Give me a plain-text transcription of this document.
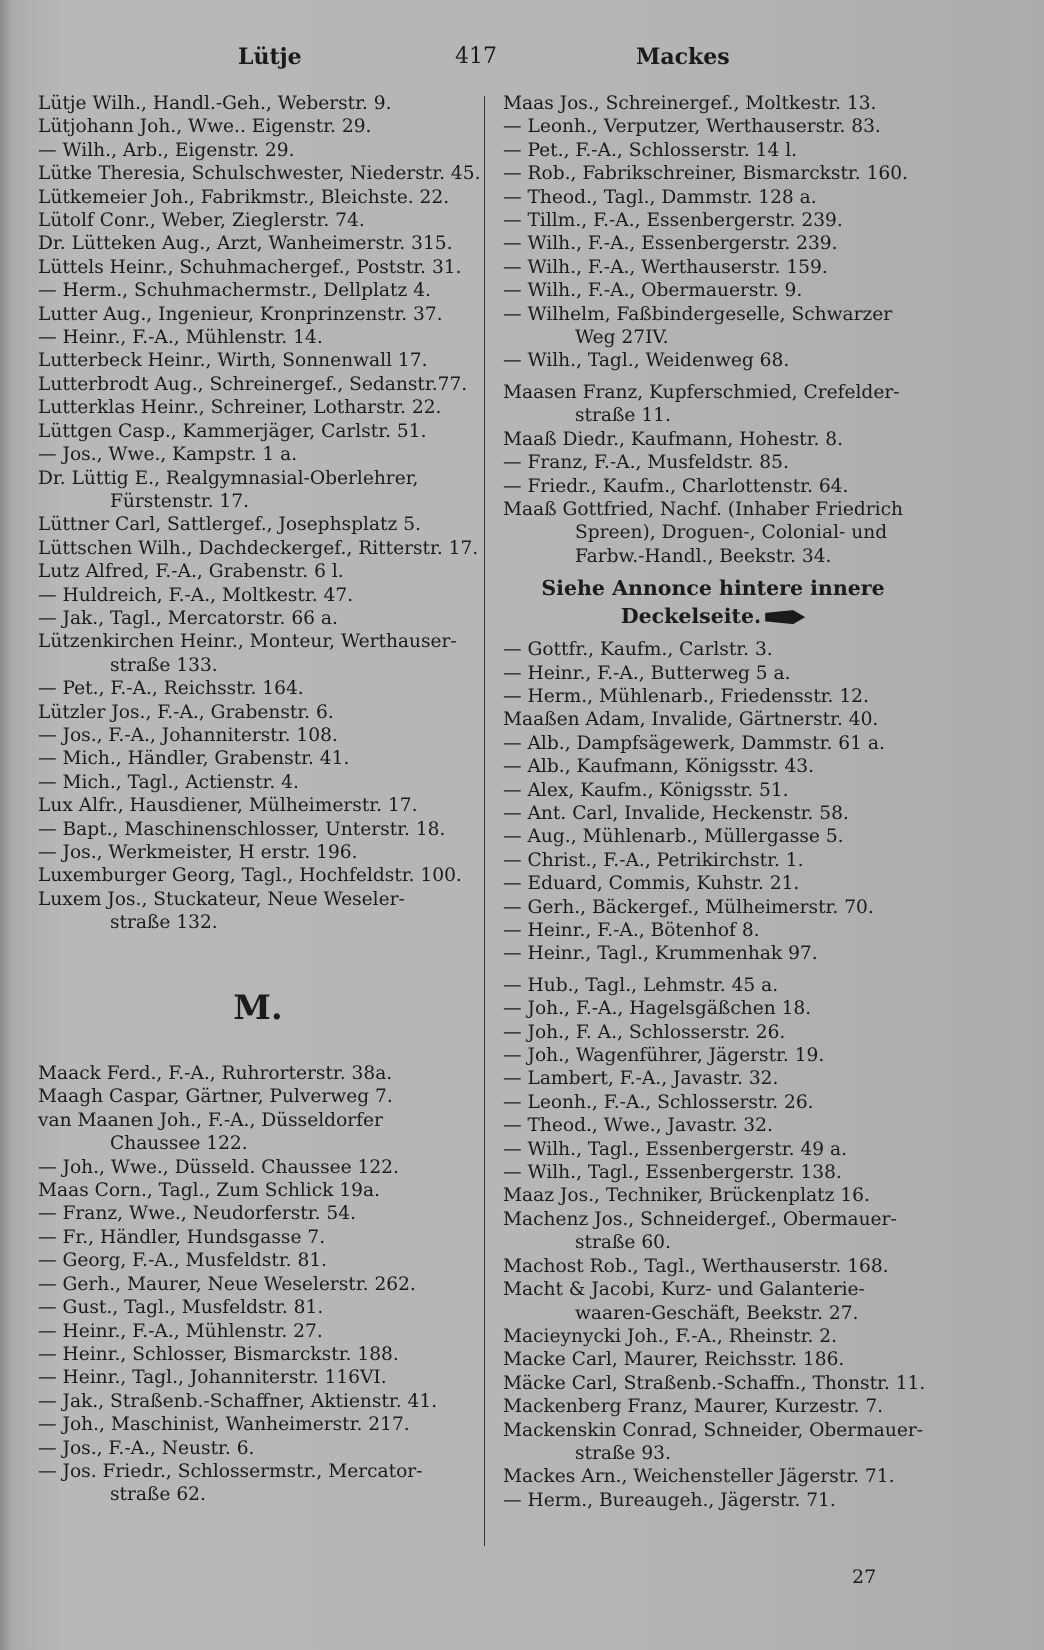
Lütje	417	Mackes
Lütje Wilh., Handl.-Geh., Weberstr. 9.
Lütjohann Joh., Wwe.. Eigenstr. 29.
— Wilh., Arb., Eigenstr. 29.
Lütke Theresia, Schulschwester, Niederstr. 45.
Lütkemeier Joh., Fabrikmstr., Bleichste. 22.
Lütolf Conr., Weber, Zieglerstr. 74.
Dr. Lütteken Aug., Arzt, Wanheimerstr. 315.
Lüttels Heinr., Schuhmachergef., Poststr. 31.
— Herm., Schuhmachermstr., Dellplatz 4.
Lutter Aug., Ingenieur, Kronprinzenstr. 37.
— Heinr., F.-A., Mühlenstr. 14.
Lutterbeck Heinr., Wirth, Sonnenwall 17.
Lutterbrodt Aug., Schreinergef., Sedanstr.77.
Lutterklas Heinr., Schreiner, Lotharstr. 22.
Lüttgen Casp., Kammerjäger, Carlstr. 51.
— Jos., Wwe., Kampstr. 1 a.
Dr. Lüttig E., Realgymnasial-Oberlehrer,
Fürstenstr. 17.
Lüttner Carl, Sattlergef., Josephsplatz 5.
Lüttschen Wilh., Dachdeckergef., Ritterstr. 17.
Lutz Alfred, F.-A., Grabenstr. 6 l.
— Huldreich, F.-A., Moltkestr. 47.
— Jak., Tagl., Mercatorstr. 66 a.
Lützenkirchen Heinr., Monteur, Werthauser-
straße 133.
— Pet., F.-A., Reichsstr. 164.
Lützler Jos., F.-A., Grabenstr. 6.
— Jos., F.-A., Johanniterstr. 108.
— Mich., Händler, Grabenstr. 41.
— Mich., Tagl., Actienstr. 4.
Lux Alfr., Hausdiener, Mülheimerstr. 17.
— Bapt., Maschinenschlosser, Unterstr. 18.
— Jos., Werkmeister, H erstr. 196.
Luxemburger Georg, Tagl., Hochfeldstr. 100.
Luxem Jos., Stuckateur, Neue Weseler-
straße 132.
M.
Maack Ferd., F.-A., Ruhrorterstr. 38a.
Maagh Caspar, Gärtner, Pulverweg 7.
van Maanen Joh., F.-A., Düsseldorfer
Chaussee 122.
— Joh., Wwe., Düsseld. Chaussee 122.
Maas Corn., Tagl., Zum Schlick 19a.
— Franz, Wwe., Neudorferstr. 54.
— Fr., Händler, Hundsgasse 7.
— Georg, F.-A., Musfeldstr. 81.
— Gerh., Maurer, Neue Weselerstr. 262.
— Gust., Tagl., Musfeldstr. 81.
— Heinr., F.-A., Mühlenstr. 27.
— Heinr., Schlosser, Bismarckstr. 188.
— Heinr., Tagl., Johanniterstr. 116VI.
— Jak., Straßenb.-Schaffner, Aktienstr. 41.
— Joh., Maschinist, Wanheimerstr. 217.
— Jos., F.-A., Neustr. 6.
— Jos. Friedr., Schlossermstr., Mercator-
straße 62.
Maas Jos., Schreinergef., Moltkestr. 13.
— Leonh., Verputzer, Werthauserstr. 83.
— Pet., F.-A., Schlosserstr. 14 l.
— Rob., Fabrikschreiner, Bismarckstr. 160.
— Theod., Tagl., Dammstr. 128 a.
— Tillm., F.-A., Essenbergerstr. 239.
— Wilh., F.-A., Essenbergerstr. 239.
— Wilh., F.-A., Werthauserstr. 159.
— Wilh., F.-A., Obermauerstr. 9.
— Wilhelm, Faßbindergeselle, Schwarzer
Weg 27IV.
— Wilh., Tagl., Weidenweg 68.
Maasen Franz, Kupferschmied, Crefelder-
straße 11.
Maaß Diedr., Kaufmann, Hohestr. 8.
— Franz, F.-A., Musfeldstr. 85.
— Friedr., Kaufm., Charlottenstr. 64.
Maaß Gottfried, Nachf. (Inhaber Friedrich
Spreen), Droguen-, Colonial- und
Farbw.-Handl., Beekstr. 34.
Siehe Annonce hintere innere
Deckelseite.
— Gottfr., Kaufm., Carlstr. 3.
— Heinr., F.-A., Butterweg 5 a.
— Herm., Mühlenarb., Friedensstr. 12.
Maaßen Adam, Invalide, Gärtnerstr. 40.
— Alb., Dampfsägewerk, Dammstr. 61 a.
— Alb., Kaufmann, Königsstr. 43.
— Alex, Kaufm., Königsstr. 51.
— Ant. Carl, Invalide, Heckenstr. 58.
— Aug., Mühlenarb., Müllergasse 5.
— Christ., F.-A., Petrikirchstr. 1.
— Eduard, Commis, Kuhstr. 21.
— Gerh., Bäckergef., Mülheimerstr. 70.
— Heinr., F.-A., Bötenhof 8.
— Heinr., Tagl., Krummenhak 97.
— Hub., Tagl., Lehmstr. 45 a.
— Joh., F.-A., Hagelsgäßchen 18.
— Joh., F. A., Schlosserstr. 26.
— Joh., Wagenführer, Jägerstr. 19.
— Lambert, F.-A., Javastr. 32.
— Leonh., F.-A., Schlosserstr. 26.
— Theod., Wwe., Javastr. 32.
— Wilh., Tagl., Essenbergerstr. 49 a.
— Wilh., Tagl., Essenbergerstr. 138.
Maaz Jos., Techniker, Brückenplatz 16.
Machenz Jos., Schneidergef., Obermauer-
straße 60.
Machost Rob., Tagl., Werthauserstr. 168.
Macht & Jacobi, Kurz- und Galanterie-
waaren-Geschäft, Beekstr. 27.
Macieynycki Joh., F.-A., Rheinstr. 2.
Macke Carl, Maurer, Reichsstr. 186.
Mäcke Carl, Straßenb.-Schaffn., Thonstr. 11.
Mackenberg Franz, Maurer, Kurzestr. 7.
Mackenskin Conrad, Schneider, Obermauer-
straße 93.
Mackes Arn., Weichensteller Jägerstr. 71.
— Herm., Bureaugeh., Jägerstr. 71.
27
